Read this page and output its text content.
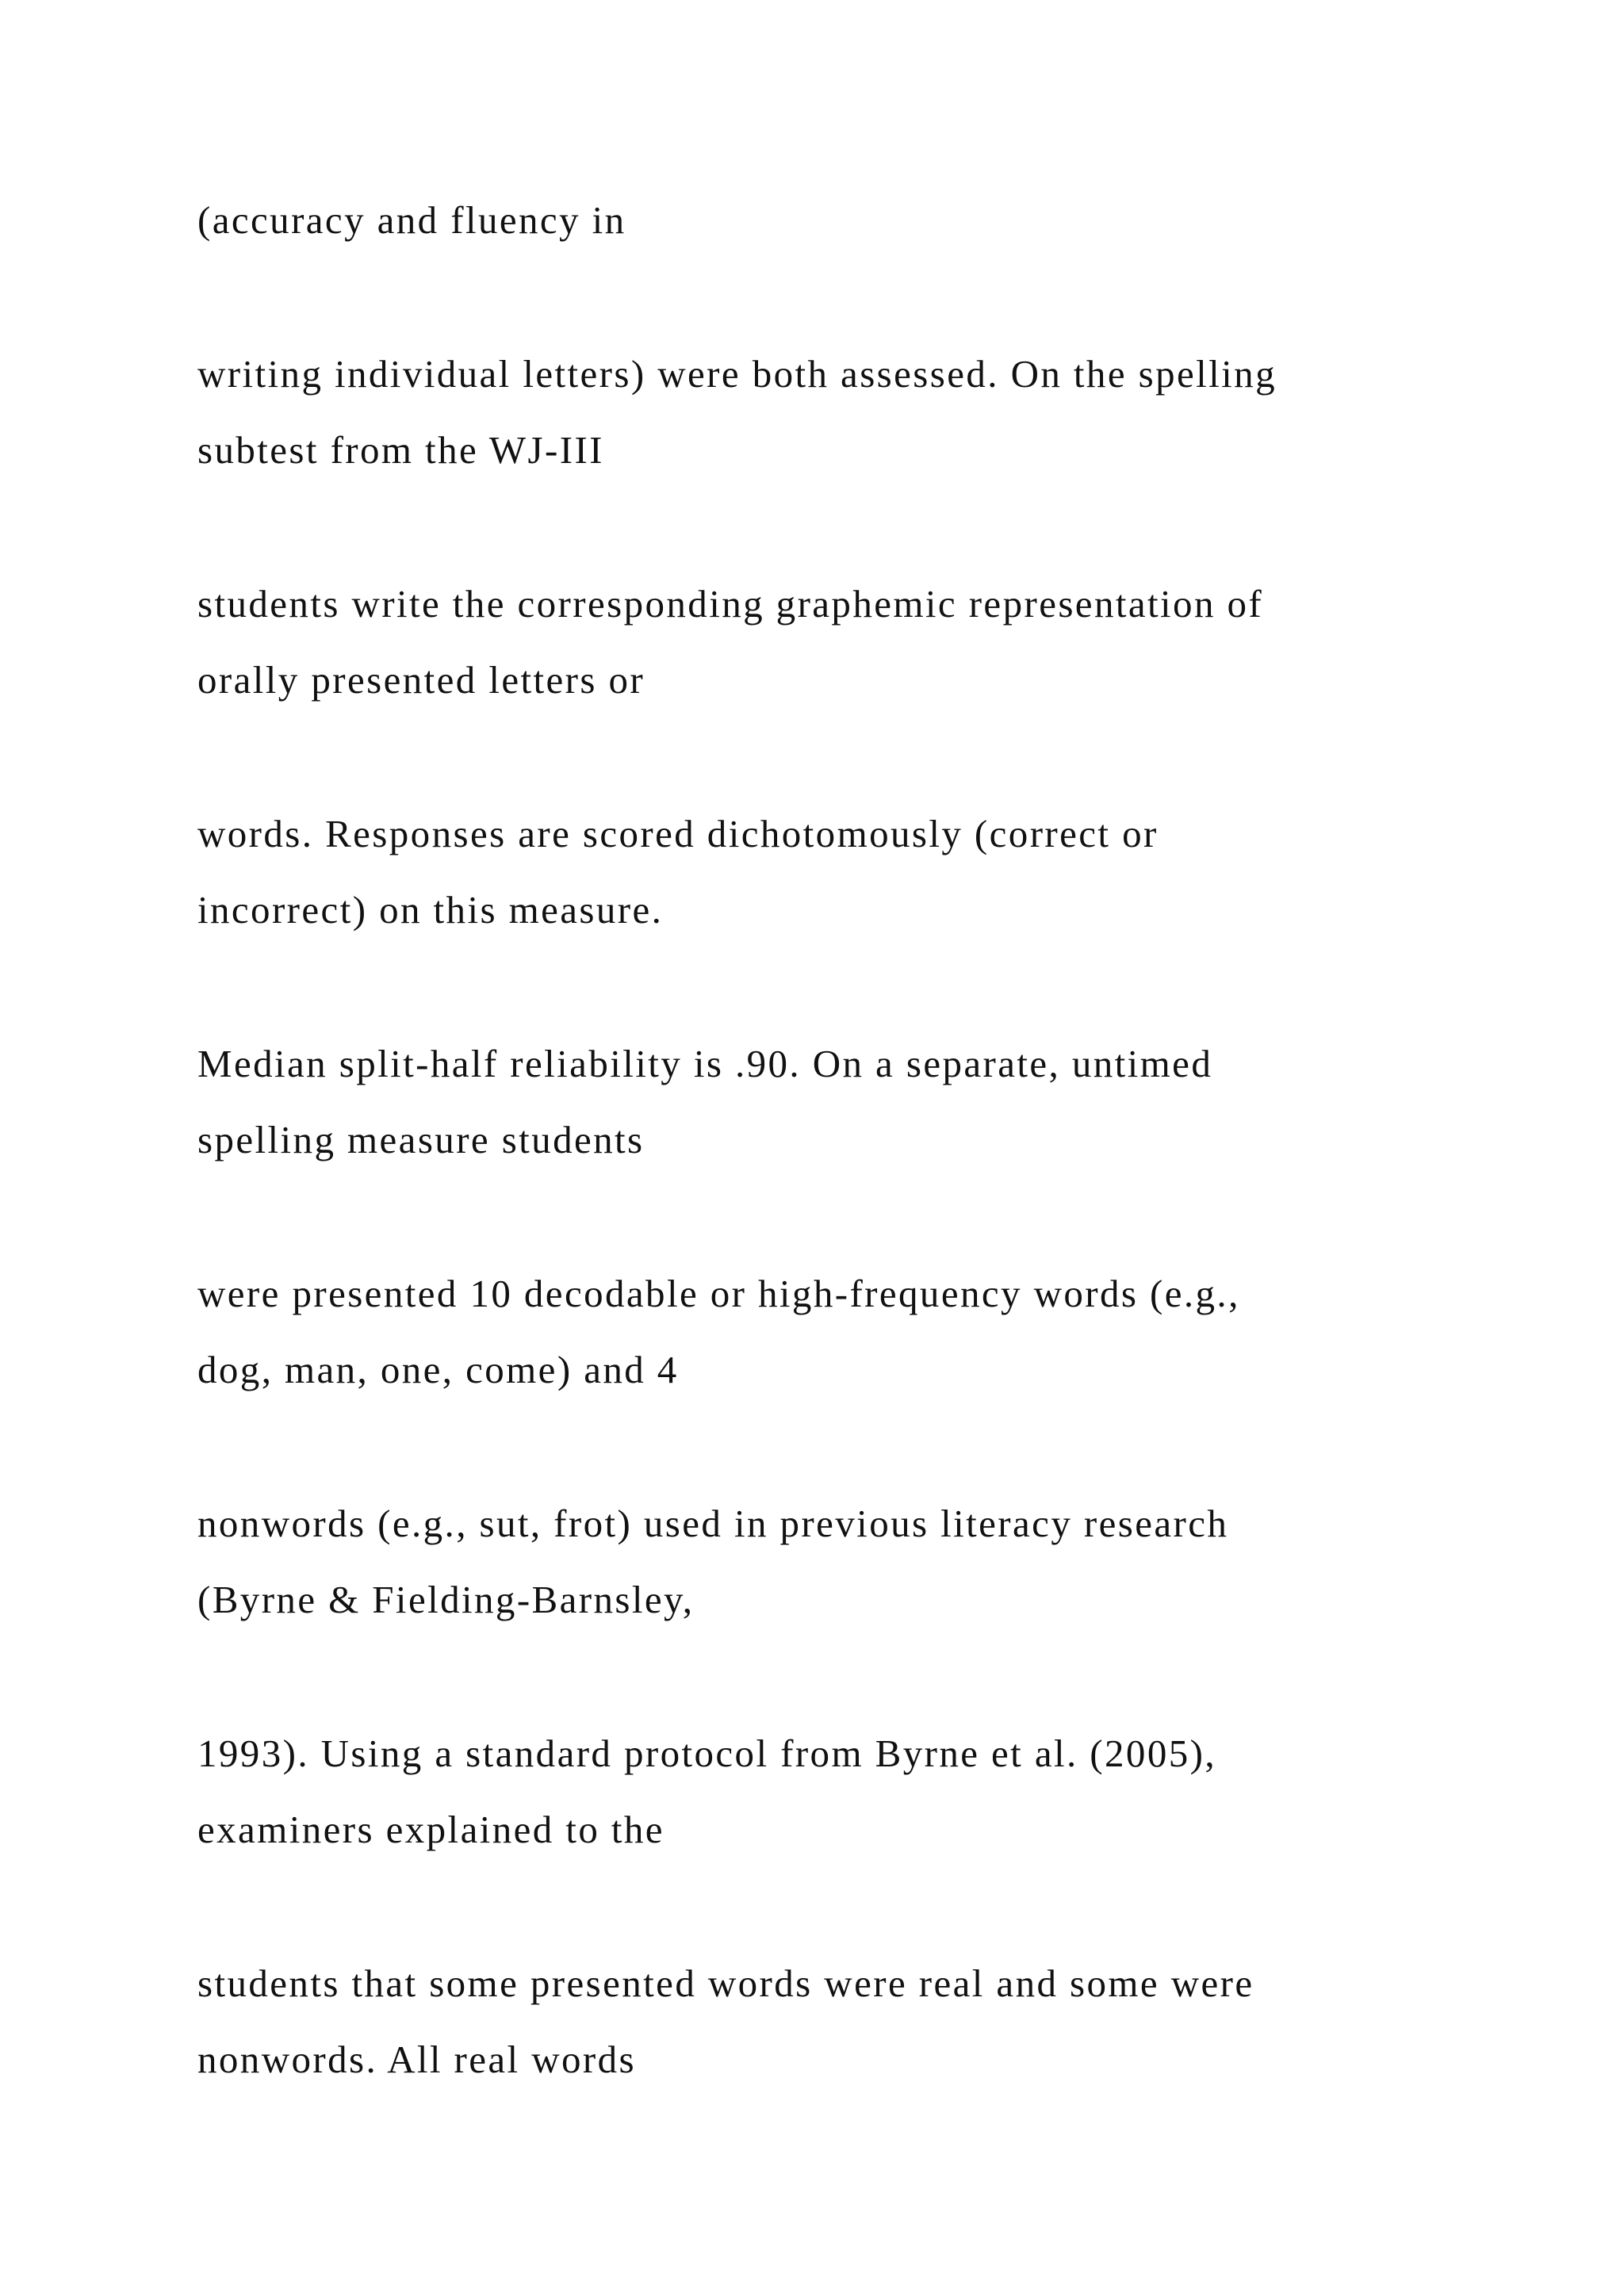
(accuracy and fluency in

writing individual letters) were both assessed. On the spelling

subtest from the WJ-III

students write the corresponding graphemic representation of

orally presented letters or

words. Responses are scored dichotomously (correct or

incorrect) on this measure.

Median split-half reliability is .90. On a separate, untimed

spelling measure students

were presented 10 decodable or high-frequency words (e.g.,

dog, man, one, come) and 4

nonwords (e.g., sut, frot) used in previous literacy research

(Byrne & Fielding-Barnsley,

1993). Using a standard protocol from Byrne et al. (2005),

examiners explained to the

students that some presented words were real and some were

nonwords. All real words
